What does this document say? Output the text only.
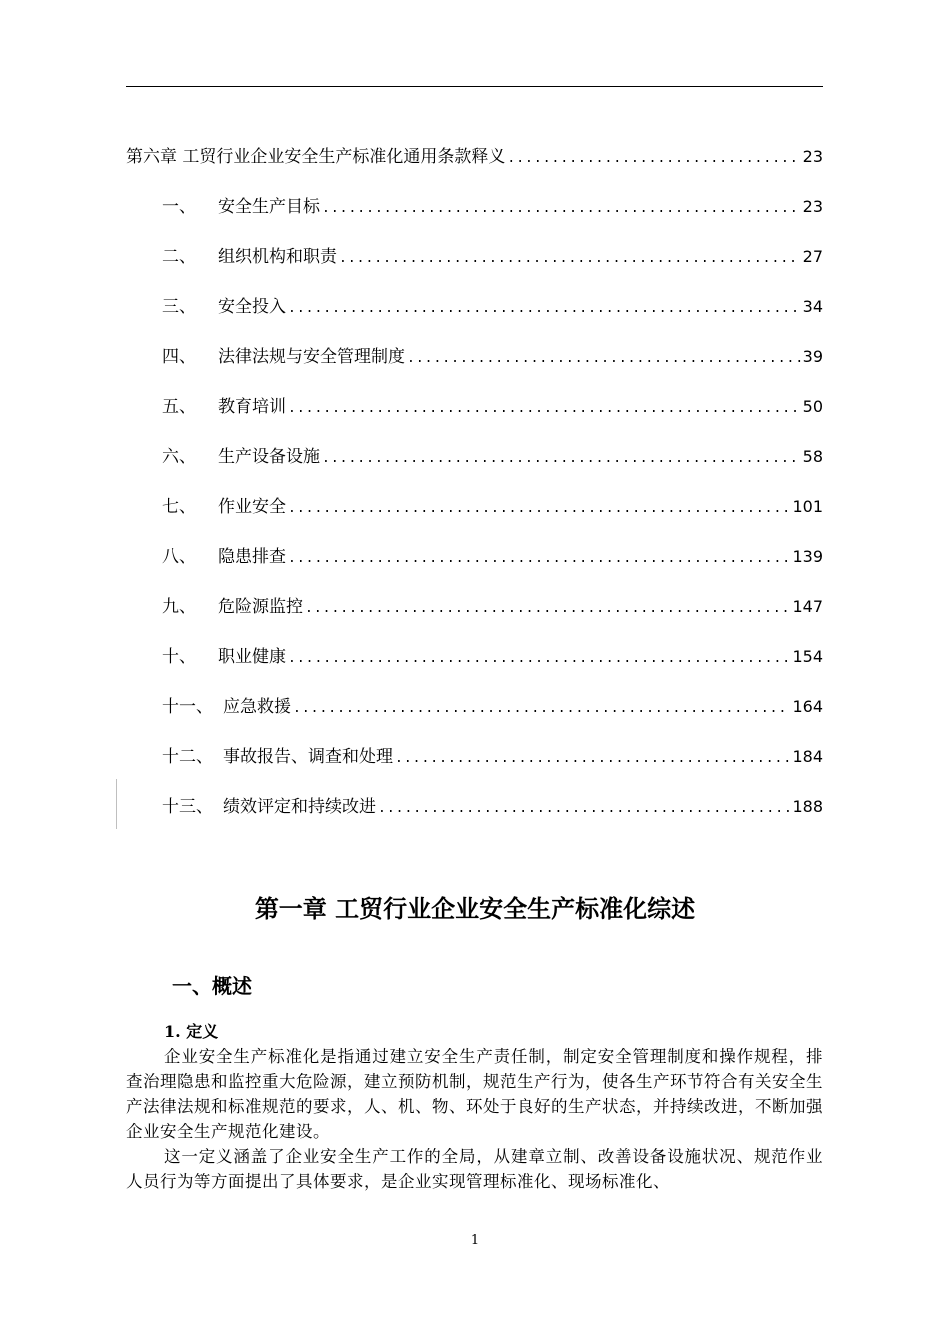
第六章 工贸行业企业安全生产标准化通用条款释义 .....	23
一、 安全生产目标 .....	23
二、 组织机构和职责 .....	27
三、 安全投入 .....	34
四、 法律法规与安全管理制度 .....	39
五、 教育培训 .....	50
六、 生产设备设施 .....	58
七、 作业安全 .....	101
八、 隐患排查 .....	139
九、 危险源监控 .....	147
十、 职业健康 .....	154
十一、 应急救援 .....	164
十二、 事故报告、调查和处理 .....	184
十三、 绩效评定和持续改进 .....	188
第一章 工贸行业企业安全生产标准化综述
一、概述
1. 定义
企业安全生产标准化是指通过建立安全生产责任制，制定安全管理制度和操作规程，排查治理隐患和监控重大危险源，建立预防机制，规范生产行为，使各生产环节符合有关安全生产法律法规和标准规范的要求，人、机、物、环处于良好的生产状态，并持续改进，不断加强企业安全生产规范化建设。
这一定义涵盖了企业安全生产工作的全局，从建章立制、改善设备设施状况、规范作业人员行为等方面提出了具体要求，是企业实现管理标准化、现场标准化、
1
